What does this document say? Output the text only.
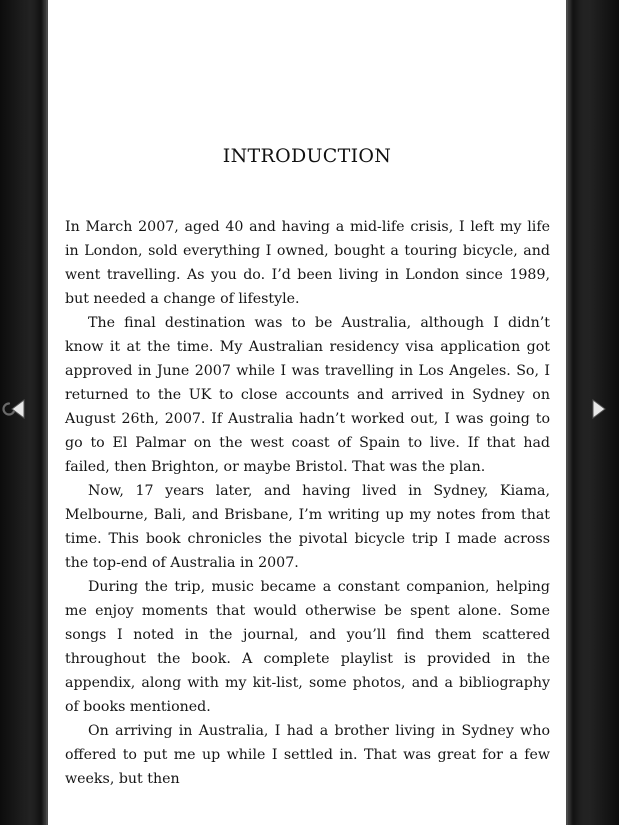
INTRODUCTION

In March 2007, aged 40 and having a mid-life crisis, I left my life in London, sold everything I owned, bought a touring bicycle, and went travelling. As you do. I’d been living in London since 1989, but needed a change of lifestyle.

The final destination was to be Australia, although I didn’t know it at the time. My Australian residency visa application got approved in June 2007 while I was travelling in Los Angeles. So, I returned to the UK to close accounts and arrived in Sydney on August 26th, 2007. If Australia hadn’t worked out, I was going to go to El Palmar on the west coast of Spain to live. If that had failed, then Brighton, or maybe Bristol. That was the plan.

Now, 17 years later, and having lived in Sydney, Kiama, Melbourne, Bali, and Brisbane, I’m writing up my notes from that time. This book chronicles the pivotal bicycle trip I made across the top-end of Australia in 2007.

During the trip, music became a constant companion, helping me enjoy moments that would otherwise be spent alone. Some songs I noted in the journal, and you’ll find them scattered throughout the book. A complete playlist is provided in the appendix, along with my kit-list, some photos, and a bibliography of books mentioned.

On arriving in Australia, I had a brother living in Sydney who offered to put me up while I settled in. That was great for a few weeks, but then
